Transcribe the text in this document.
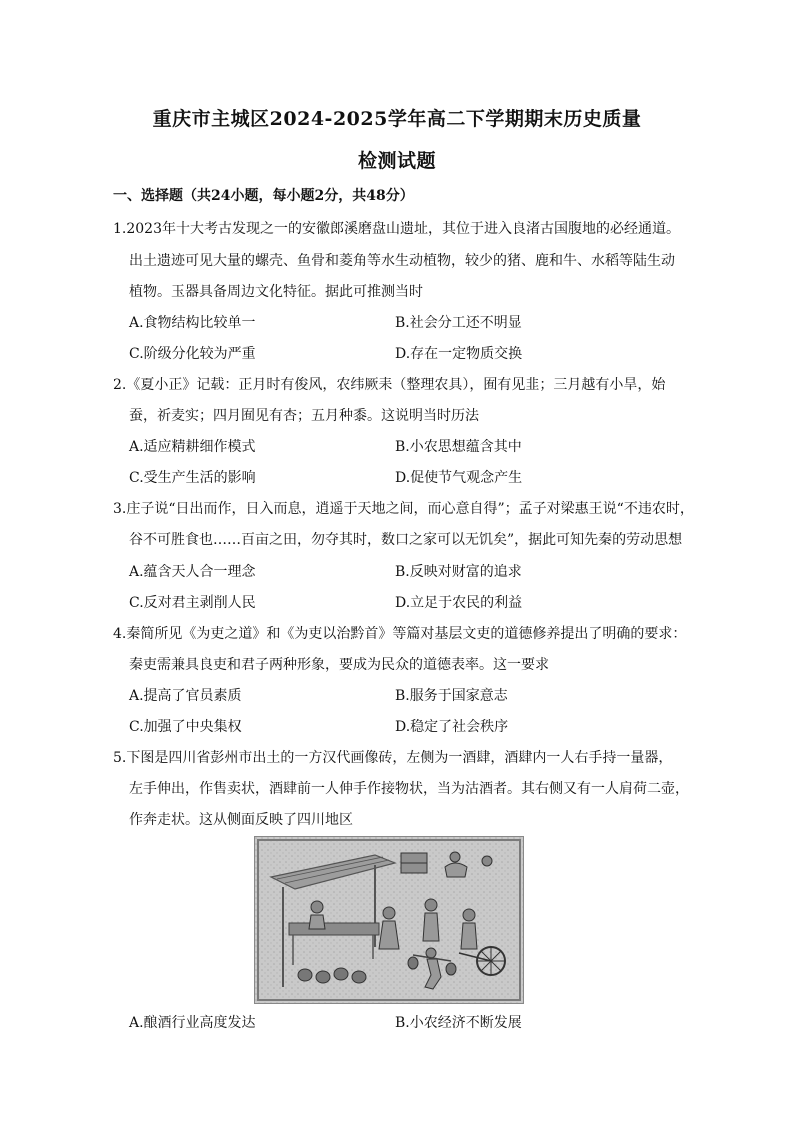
重庆市主城区2024-2025学年高二下学期期末历史质量
检测试题
一、选择题（共24小题，每小题2分，共48分）
1.2023年十大考古发现之一的安徽郎溪磨盘山遗址，其位于进入良渚古国腹地的必经通道。
出土遗迹可见大量的螺壳、鱼骨和菱角等水生动植物，较少的猪、鹿和牛、水稻等陆生动
植物。玉器具备周边文化特征。据此可推测当时
A.食物结构比较单一	B.社会分工还不明显
C.阶级分化较为严重	D.存在一定物质交换
2.《夏小正》记载：正月时有俊风，农纬厥耒（整理农具），囿有见韭；三月越有小旱，始
蚕，祈麦实；四月囿见有杏；五月种黍。这说明当时历法
A.适应精耕细作模式	B.小农思想蕴含其中
C.受生产生活的影响	D.促使节气观念产生
3.庄子说“日出而作，日入而息，逍遥于天地之间，而心意自得”；孟子对梁惠王说“不违农时，
谷不可胜食也……百亩之田，勿夺其时，数口之家可以无饥矣”，据此可知先秦的劳动思想
A.蕴含天人合一理念	B.反映对财富的追求
C.反对君主剥削人民	D.立足于农民的利益
4.秦简所见《为吏之道》和《为吏以治黔首》等篇对基层文吏的道德修养提出了明确的要求：
秦吏需兼具良吏和君子两种形象，要成为民众的道德表率。这一要求
A.提高了官员素质	B.服务于国家意志
C.加强了中央集权	D.稳定了社会秩序
5.下图是四川省彭州市出土的一方汉代画像砖，左侧为一酒肆，酒肆内一人右手持一量器，
左手伸出，作售卖状，酒肆前一人伸手作接物状，当为沽酒者。其右侧又有一人肩荷二壶，
作奔走状。这从侧面反映了四川地区
A.酿酒行业高度发达	B.小农经济不断发展
